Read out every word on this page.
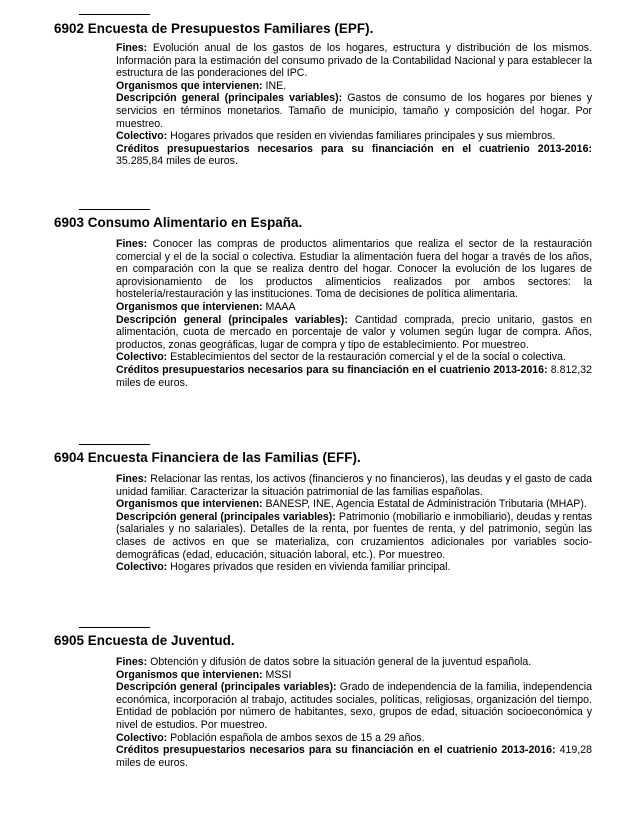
6902 Encuesta de Presupuestos Familiares (EPF).

Fines: Evolución anual de los gastos de los hogares, estructura y distribución de los mismos. Información para la estimación del consumo privado de la Contabilidad Nacional y para establecer la estructura de las ponderaciones del IPC.

Organismos que intervienen: INE.

Descripción general (principales variables): Gastos de consumo de los hogares por bienes y servicios en términos monetarios. Tamaño de municipio, tamaño y composición del hogar. Por muestreo.

Colectivo: Hogares privados que residen en viviendas familiares principales y sus miembros.

Créditos presupuestarios necesarios para su financiación en el cuatrienio 2013-2016: 35.285,84 miles de euros.

6903 Consumo Alimentario en España.

Fines: Conocer las compras de productos alimentarios que realiza el sector de la restauración comercial y el de la social o colectiva. Estudiar la alimentación fuera del hogar a través de los años, en comparación con la que se realiza dentro del hogar. Conocer la evolución de los lugares de aprovisionamiento de los productos alimenticios realizados por ambos sectores: la hostelería/restauración y las instituciones. Toma de decisiones de política alimentaria.

Organismos que intervienen: MAAA

Descripción general (principales variables): Cantidad comprada, precio unitario, gastos en alimentación, cuota de mercado en porcentaje de valor y volumen según lugar de compra. Años, productos, zonas geográficas, lugar de compra y tipo de establecimiento. Por muestreo.

Colectivo: Establecimientos del sector de la restauración comercial y el de la social o colectiva.

Créditos presupuestarios necesarios para su financiación en el cuatrienio 2013-2016: 8.812,32 miles de euros.

6904 Encuesta Financiera de las Familias (EFF).

Fines: Relacionar las rentas, los activos (financieros y no financieros), las deudas y el gasto de cada unidad familiar. Caracterizar la situación patrimonial de las familias españolas.

Organismos que intervienen: BANESP, INE, Agencia Estatal de Administración Tributaria (MHAP).

Descripción general (principales variables): Patrimonio (mobiliario e inmobiliario), deudas y rentas (salariales y no salariales). Detalles de la renta, por fuentes de renta, y del patrimonio, según las clases de activos en que se materializa, con cruzamientos adicionales por variables socio-demográficas (edad, educación, situación laboral, etc.). Por muestreo.

Colectivo: Hogares privados que residen en vivienda familiar principal.

6905 Encuesta de Juventud.

Fines: Obtención y difusión de datos sobre la situación general de la juventud española.

Organismos que intervienen: MSSI

Descripción general (principales variables): Grado de independencia de la familia, independencia económica, incorporación al trabajo, actitudes sociales, políticas, religiosas, organización del tiempo. Entidad de población por número de habitantes, sexo, grupos de edad, situación socioeconómica y nivel de estudios. Por muestreo.

Colectivo: Población española de ambos sexos de 15 a 29 años.

Créditos presupuestarios necesarios para su financiación en el cuatrienio 2013-2016: 419,28 miles de euros.
